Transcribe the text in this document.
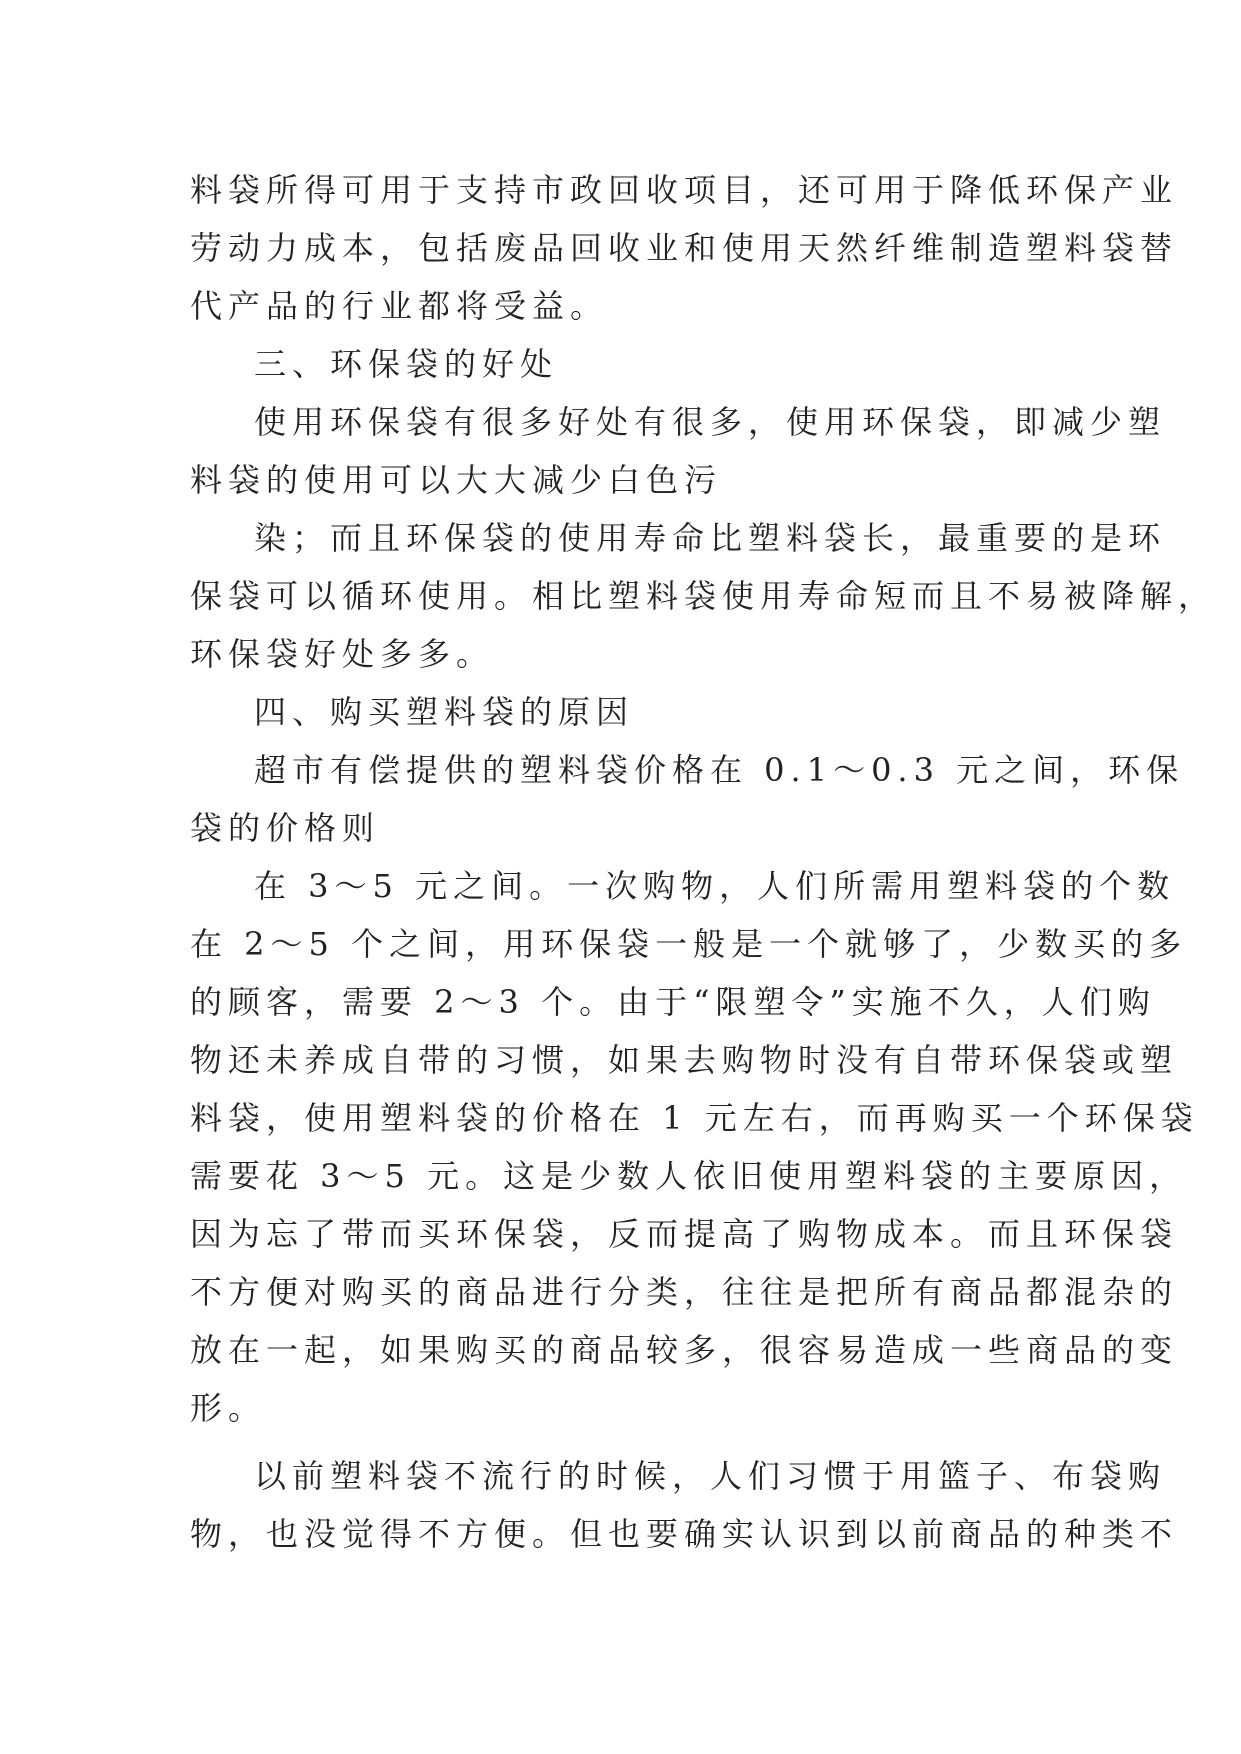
料袋所得可用于支持市政回收项目，还可用于降低环保产业
劳动力成本，包括废品回收业和使用天然纤维制造塑料袋替
代产品的行业都将受益。
三、环保袋的好处
使用环保袋有很多好处有很多，使用环保袋，即减少塑
料袋的使用可以大大减少白色污
染；而且环保袋的使用寿命比塑料袋长，最重要的是环
保袋可以循环使用。相比塑料袋使用寿命短而且不易被降解，
环保袋好处多多。
四、购买塑料袋的原因
超市有偿提供的塑料袋价格在 0.1～0.3 元之间，环保
袋的价格则
在 3～5 元之间。一次购物，人们所需用塑料袋的个数
在 2～5 个之间，用环保袋一般是一个就够了，少数买的多
的顾客，需要 2～3 个。由于“限塑令”实施不久，人们购
物还未养成自带的习惯，如果去购物时没有自带环保袋或塑
料袋，使用塑料袋的价格在 1 元左右，而再购买一个环保袋
需要花 3～5 元。这是少数人依旧使用塑料袋的主要原因，
因为忘了带而买环保袋，反而提高了购物成本。而且环保袋
不方便对购买的商品进行分类，往往是把所有商品都混杂的
放在一起，如果购买的商品较多，很容易造成一些商品的变
形。
以前塑料袋不流行的时候，人们习惯于用篮子、布袋购
物，也没觉得不方便。但也要确实认识到以前商品的种类不
